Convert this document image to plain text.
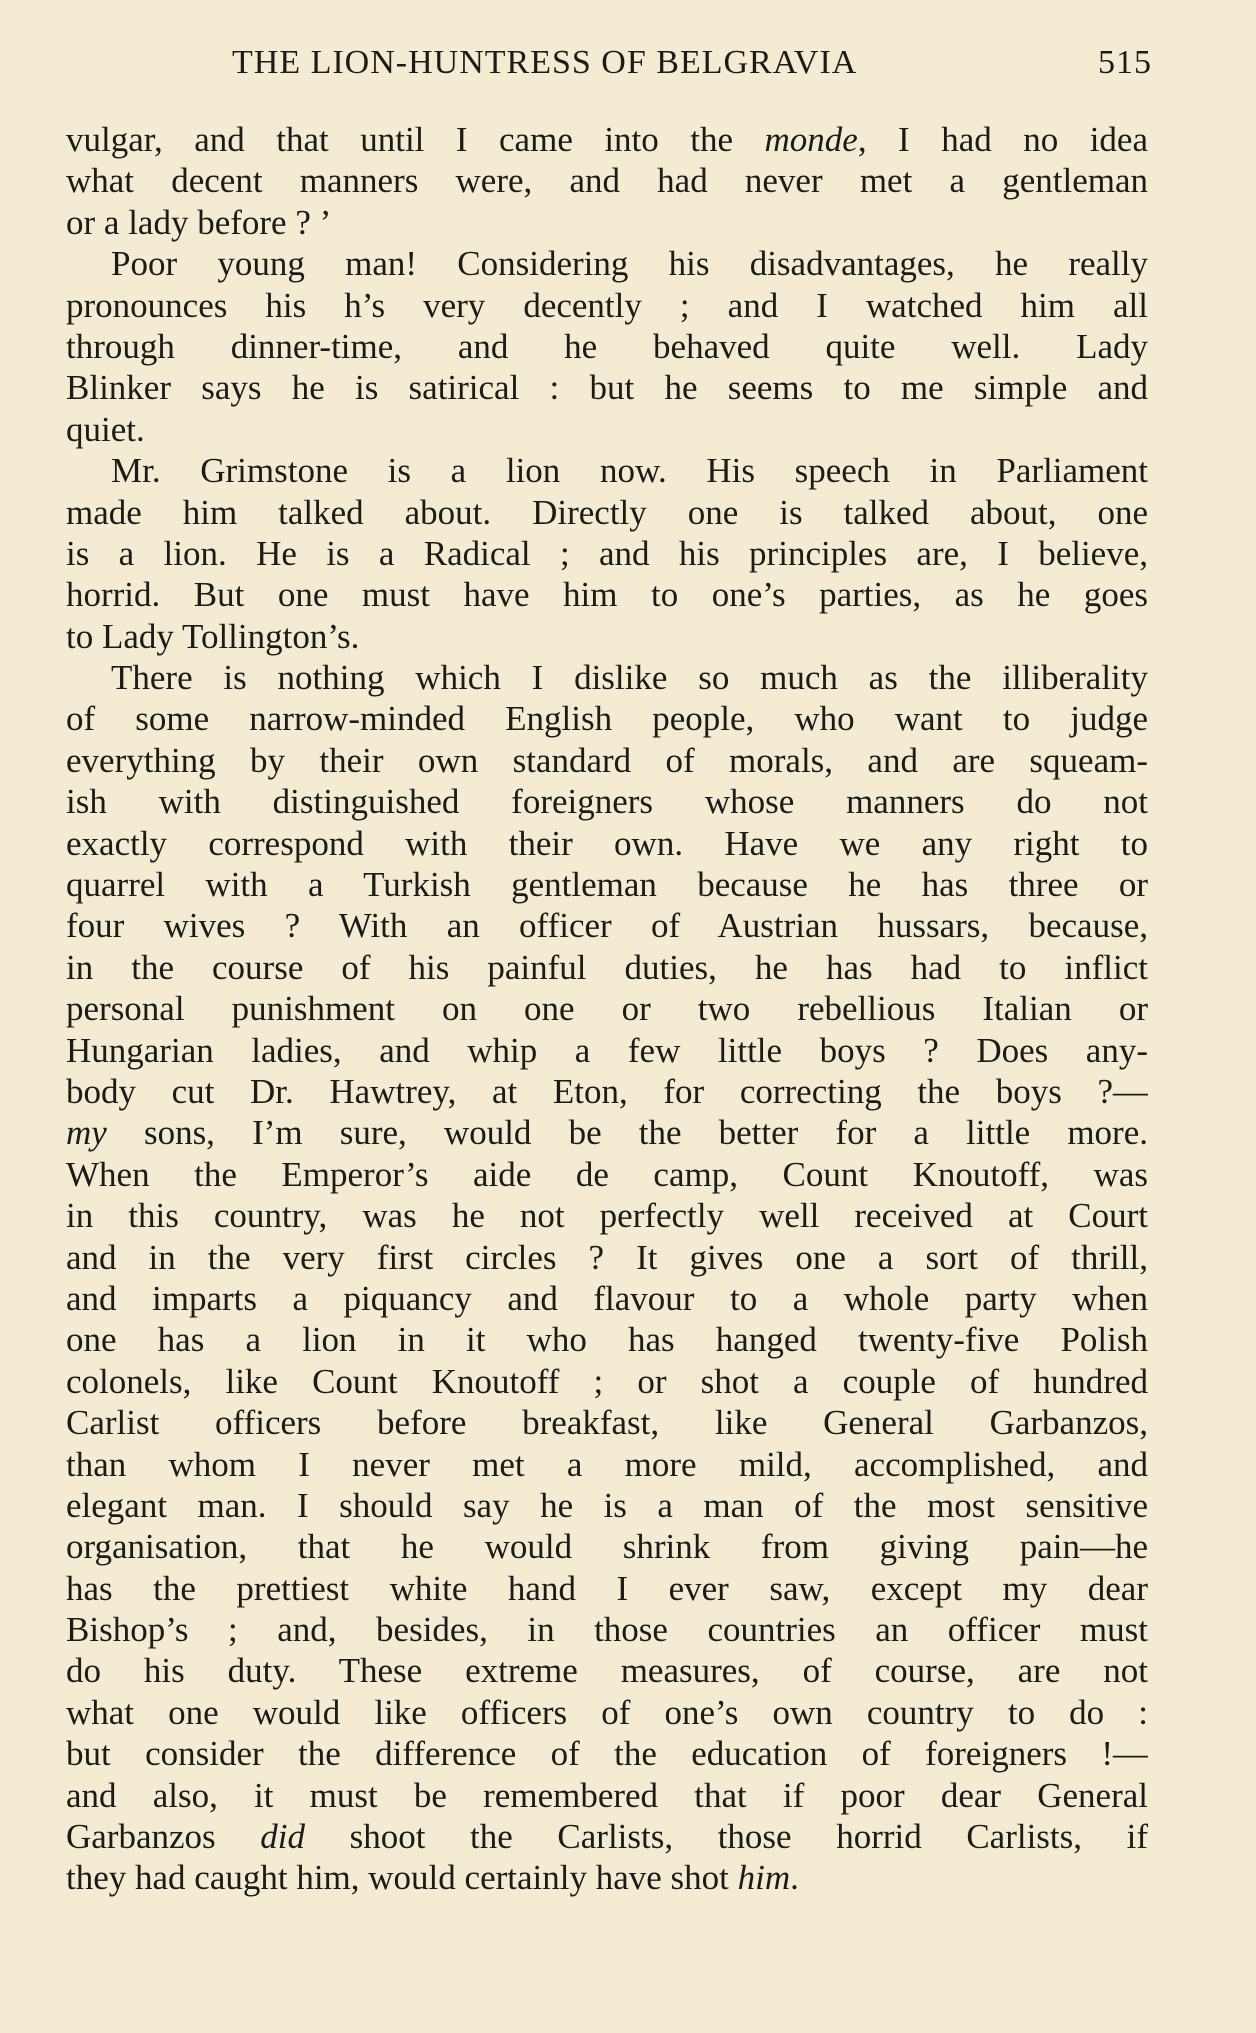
THE LION-HUNTRESS OF BELGRAVIA	515
vulgar, and that until I came into the monde, I had no idea
what decent manners were, and had never met a gentleman
or a lady before ? ’
Poor young man! Considering his disadvantages, he really
pronounces his h’s very decently ; and I watched him all
through dinner-time, and he behaved quite well. Lady
Blinker says he is satirical : but he seems to me simple and
quiet.
Mr. Grimstone is a lion now. His speech in Parliament
made him talked about. Directly one is talked about, one
is a lion. He is a Radical ; and his principles are, I believe,
horrid. But one must have him to one’s parties, as he goes
to Lady Tollington’s.
There is nothing which I dislike so much as the illiberality
of some narrow-minded English people, who want to judge
everything by their own standard of morals, and are squeam-
ish with distinguished foreigners whose manners do not
exactly correspond with their own. Have we any right to
quarrel with a Turkish gentleman because he has three or
four wives ? With an officer of Austrian hussars, because,
in the course of his painful duties, he has had to inflict
personal punishment on one or two rebellious Italian or
Hungarian ladies, and whip a few little boys ? Does any-
body cut Dr. Hawtrey, at Eton, for correcting the boys ?—
my sons, I’m sure, would be the better for a little more.
When the Emperor’s aide de camp, Count Knoutoff, was
in this country, was he not perfectly well received at Court
and in the very first circles ? It gives one a sort of thrill,
and imparts a piquancy and flavour to a whole party when
one has a lion in it who has hanged twenty-five Polish
colonels, like Count Knoutoff ; or shot a couple of hundred
Carlist officers before breakfast, like General Garbanzos,
than whom I never met a more mild, accomplished, and
elegant man. I should say he is a man of the most sensitive
organisation, that he would shrink from giving pain—he
has the prettiest white hand I ever saw, except my dear
Bishop’s ; and, besides, in those countries an officer must
do his duty. These extreme measures, of course, are not
what one would like officers of one’s own country to do :
but consider the difference of the education of foreigners !—
and also, it must be remembered that if poor dear General
Garbanzos did shoot the Carlists, those horrid Carlists, if
they had caught him, would certainly have shot him.
